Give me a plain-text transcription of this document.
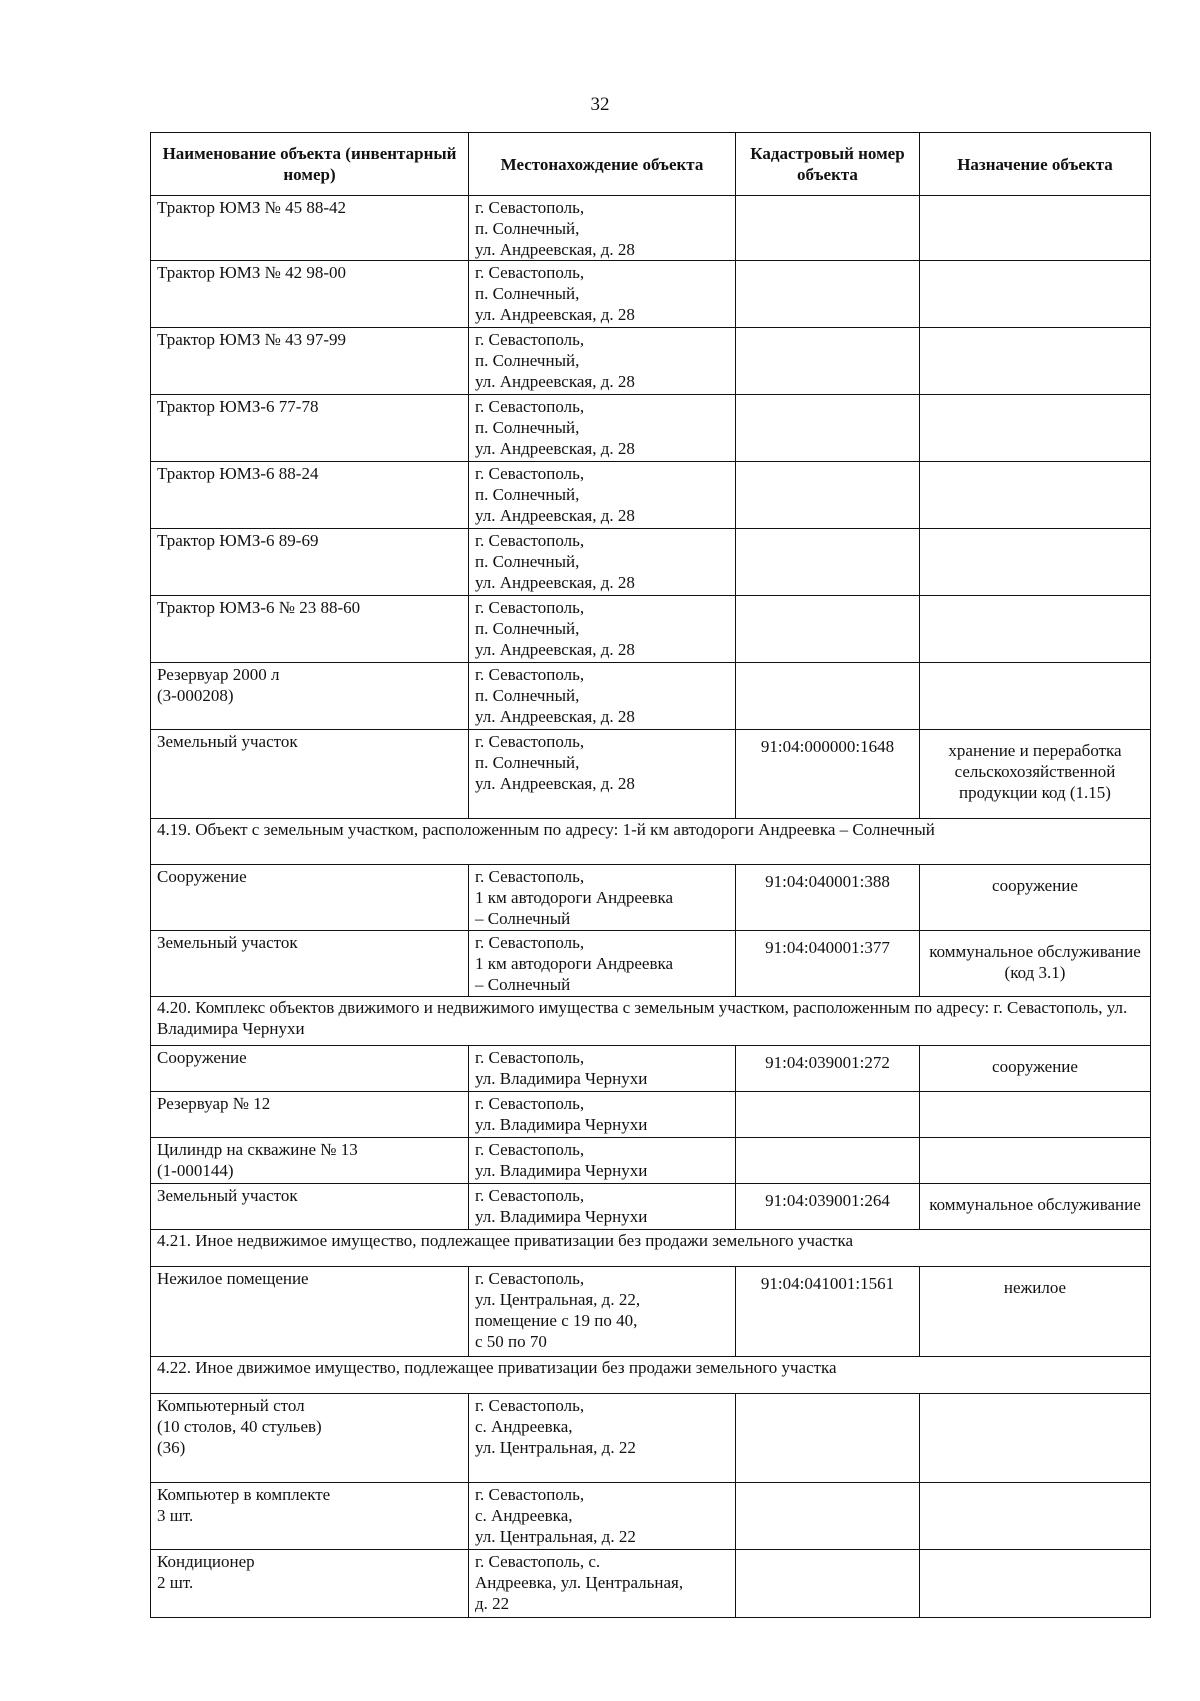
32
Наименование объекта (инвентарный номер)	Местонахождение объекта	Кадастровый номер объекта	Назначение объекта

Трактор ЮМЗ № 45 88-42	г. Севастополь,
п. Солнечный,
ул. Андреевская, д. 28		

Трактор ЮМЗ № 42 98-00	г. Севастополь,
п. Солнечный,
ул. Андреевская, д. 28		

Трактор ЮМЗ № 43 97-99	г. Севастополь,
п. Солнечный,
ул. Андреевская, д. 28		

Трактор ЮМЗ-6 77-78	г. Севастополь,
п. Солнечный,
ул. Андреевская, д. 28		

Трактор ЮМЗ-6 88-24	г. Севастополь,
п. Солнечный,
ул. Андреевская, д. 28		

Трактор ЮМЗ-6 89-69	г. Севастополь,
п. Солнечный,
ул. Андреевская, д. 28		

Трактор ЮМЗ-6 № 23 88-60	г. Севастополь,
п. Солнечный,
ул. Андреевская, д. 28		

Резервуар 2000 л
(3-000208)	г. Севастополь,
п. Солнечный,
ул. Андреевская, д. 28		

Земельный участок	г. Севастополь,
п. Солнечный,
ул. Андреевская, д. 28	91:04:000000:1648	хранение и переработка сельскохозяйственной продукции код (1.15)
4.19. Объект с земельным участком, расположенным по адресу: 1-й км автодороги Андреевка – Солнечный			

Сооружение	г. Севастополь,
1 км автодороги Андреевка
– Солнечный	91:04:040001:388	сооружение

Земельный участок	г. Севастополь,
1 км автодороги Андреевка
– Солнечный	91:04:040001:377	коммунальное обслуживание (код 3.1)
4.20. Комплекс объектов движимого и недвижимого имущества с земельным участком, расположенным по адресу: г. Севастополь, ул. Владимира Чернухи			

Сооружение	г. Севастополь,
ул. Владимира Чернухи	91:04:039001:272	сооружение

Резервуар № 12	г. Севастополь,
ул. Владимира Чернухи		

Цилиндр на скважине № 13
(1-000144)	г. Севастополь,
ул. Владимира Чернухи		

Земельный участок	г. Севастополь,
ул. Владимира Чернухи	91:04:039001:264	коммунальное обслуживание
4.21. Иное недвижимое имущество, подлежащее приватизации без продажи земельного участка			

Нежилое помещение	г. Севастополь,
ул. Центральная, д. 22,
помещение с 19 по 40,
с 50 по 70	91:04:041001:1561	нежилое
4.22. Иное движимое имущество, подлежащее приватизации без продажи земельного участка			

Компьютерный стол
(10 столов, 40 стульев)
(36)	г. Севастополь,
с. Андреевка,
ул. Центральная, д. 22		

Компьютер в комплекте
3 шт.	г. Севастополь,
с. Андреевка,
ул. Центральная, д. 22		

Кондиционер
2 шт.	г. Севастополь, с.
Андреевка, ул. Центральная,
д. 22		
